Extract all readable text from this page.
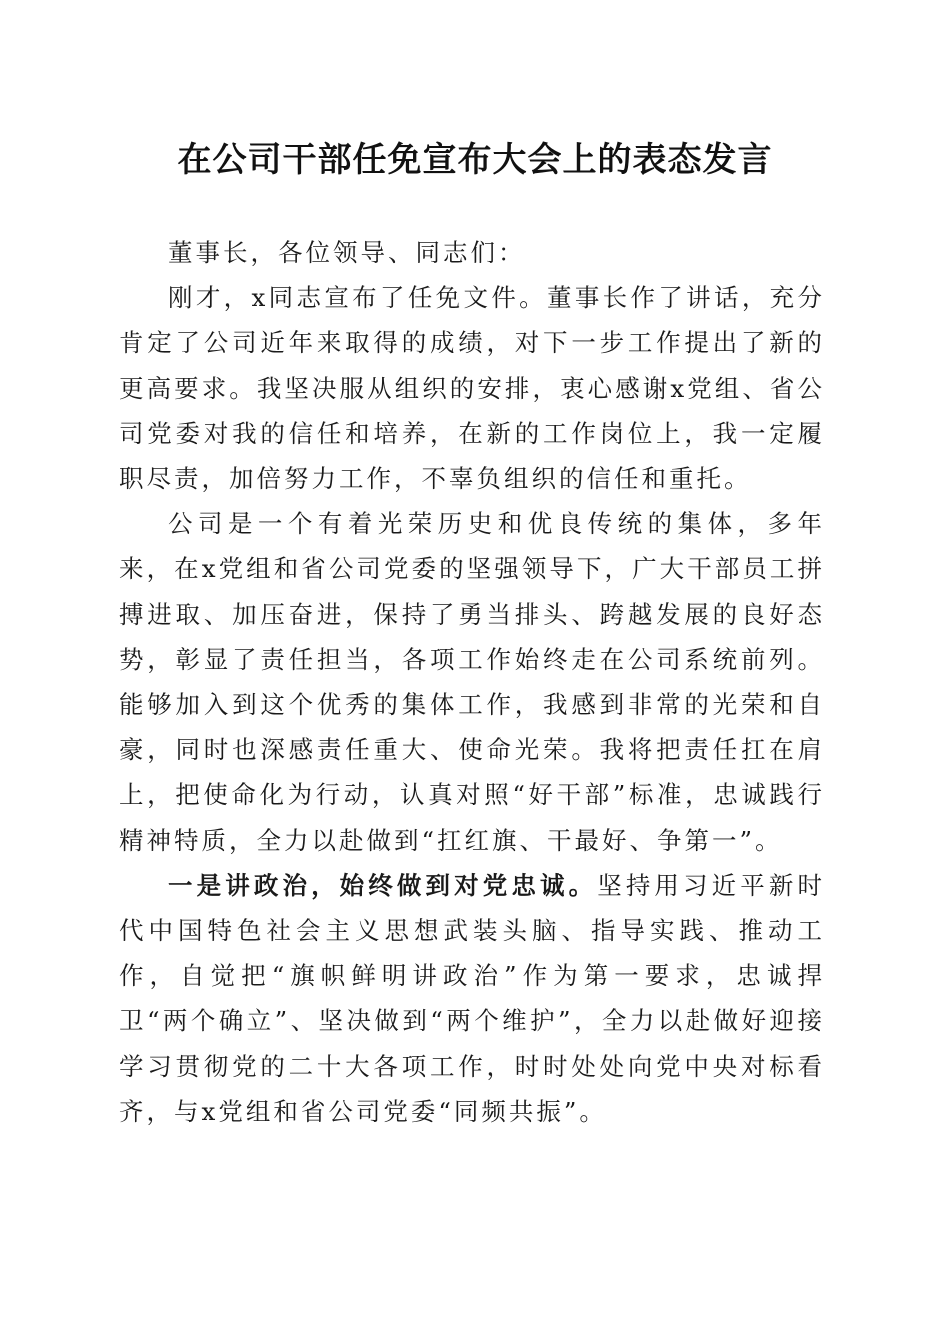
在公司干部任免宣布大会上的表态发言

董事长，各位领导、同志们：

刚才，x同志宣布了任免文件。董事长作了讲话，充分肯定了公司近年来取得的成绩，对下一步工作提出了新的更高要求。我坚决服从组织的安排，衷心感谢x党组、省公司党委对我的信任和培养，在新的工作岗位上，我一定履职尽责，加倍努力工作，不辜负组织的信任和重托。

公司是一个有着光荣历史和优良传统的集体，多年来，在x党组和省公司党委的坚强领导下，广大干部员工拼搏进取、加压奋进，保持了勇当排头、跨越发展的良好态势，彰显了责任担当，各项工作始终走在公司系统前列。能够加入到这个优秀的集体工作，我感到非常的光荣和自豪，同时也深感责任重大、使命光荣。我将把责任扛在肩上，把使命化为行动，认真对照“好干部”标准，忠诚践行精神特质，全力以赴做到“扛红旗、干最好、争第一”。

一是讲政治，始终做到对党忠诚。坚持用习近平新时代中国特色社会主义思想武装头脑、指导实践、推动工作，自觉把“旗帜鲜明讲政治”作为第一要求，忠诚捍卫“两个确立”、坚决做到“两个维护”，全力以赴做好迎接学习贯彻党的二十大各项工作，时时处处向党中央对标看齐，与x党组和省公司党委“同频共振”。
